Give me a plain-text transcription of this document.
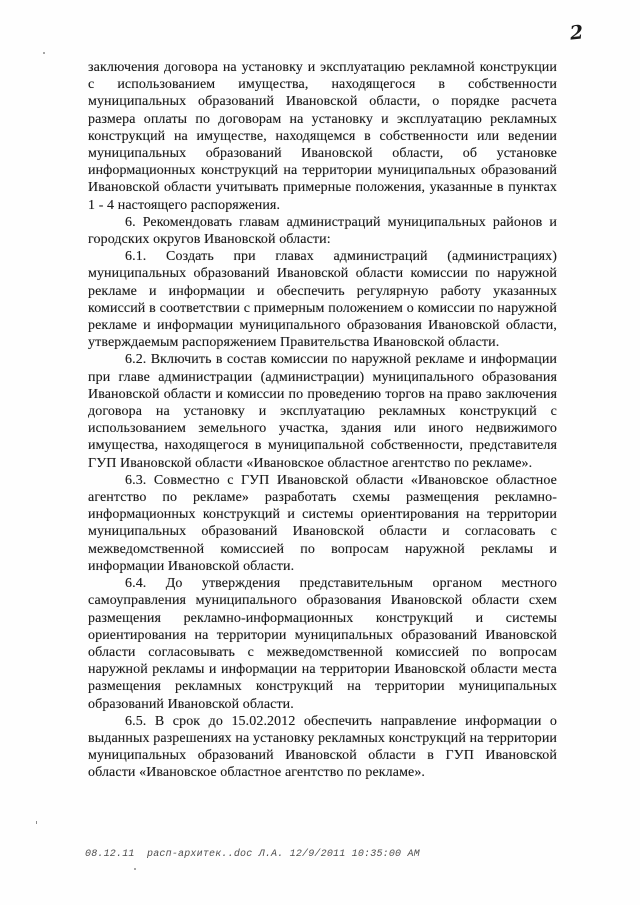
2

заключения договора на установку и эксплуатацию рекламной конструкции с использованием имущества, находящегося в собственности муниципальных образований Ивановской области, о порядке расчета размера оплаты по договорам на установку и эксплуатацию рекламных конструкций на имуществе, находящемся в собственности или ведении муниципальных образований Ивановской области, об установке информационных конструкций на территории муниципальных образований Ивановской области учитывать примерные положения, указанные в пунктах 1 - 4 настоящего распоряжения.

6. Рекомендовать главам администраций муниципальных районов и городских округов Ивановской области:

6.1. Создать при главах администраций (администрациях) муниципальных образований Ивановской области комиссии по наружной рекламе и информации и обеспечить регулярную работу указанных комиссий в соответствии с примерным положением о комиссии по наружной рекламе и информации муниципального образования Ивановской области, утверждаемым распоряжением Правительства Ивановской области.

6.2. Включить в состав комиссии по наружной рекламе и информации при главе администрации (администрации) муниципального образования Ивановской области и комиссии по проведению торгов на право заключения договора на установку и эксплуатацию рекламных конструкций с использованием земельного участка, здания или иного недвижимого имущества, находящегося в муниципальной собственности, представителя ГУП Ивановской области «Ивановское областное агентство по рекламе».

6.3. Совместно с ГУП Ивановской области «Ивановское областное агентство по рекламе» разработать схемы размещения рекламно-информационных конструкций и системы ориентирования на территории муниципальных образований Ивановской области и согласовать с межведомственной комиссией по вопросам наружной рекламы и информации Ивановской области.

6.4. До утверждения представительным органом местного самоуправления муниципального образования Ивановской области схем размещения рекламно-информационных конструкций и системы ориентирования на территории муниципальных образований Ивановской области согласовывать с межведомственной комиссией по вопросам наружной рекламы и информации на территории Ивановской области места размещения рекламных конструкций на территории муниципальных образований Ивановской области.

6.5. В срок до 15.02.2012 обеспечить направление информации о выданных разрешениях на установку рекламных конструкций на территории муниципальных образований Ивановской области в ГУП Ивановской области «Ивановское областное агентство по рекламе».

08.12.11  расп-архитек..doc Л.А. 12/9/2011 10:35:00 AM
